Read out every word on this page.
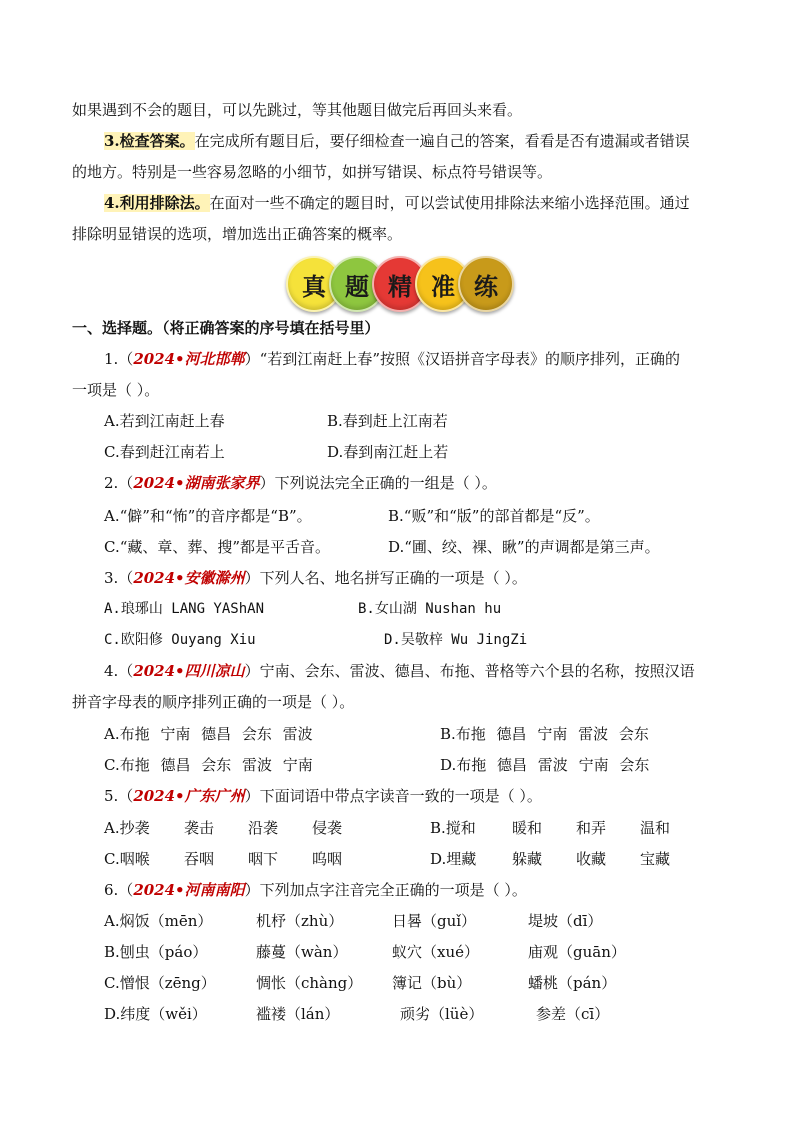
如果遇到不会的题目，可以先跳过，等其他题目做完后再回头来看。
3.检查答案。在完成所有题目后，要仔细检查一遍自己的答案，看看是否有遗漏或者错误
的地方。特别是一些容易忽略的小细节，如拼写错误、标点符号错误等。
4.利用排除法。在面对一些不确定的题目时，可以尝试使用排除法来缩小选择范围。通过
排除明显错误的选项，增加选出正确答案的概率。
真 题 精 准 练
一、选择题。（将正确答案的序号填在括号里）
1.（2024•河北邯郸）“若到江南赶上春”按照《汉语拼音字母表》的顺序排列，正确的
一项是（ ）。
A.若到江南赶上春	B.春到赶上江南若
C.春到赶江南若上	D.春到南江赶上若
2.（2024•湖南张家界）下列说法完全正确的一组是（ ）。
A.“僻”和“怖”的音序都是“B”。	B.“贩”和“版”的部首都是“反”。
C.“藏、章、葬、搜”都是平舌音。	D.“圃、绞、裸、瞅”的声调都是第三声。
3.（2024•安徽滁州）下列人名、地名拼写正确的一项是（ ）。
A.琅琊山 LANG YAShAN	B.女山湖 Nushan hu
C.欧阳修 Ouyang Xiu	D.吴敬梓 Wu JingZi
4.（2024•四川凉山）宁南、会东、雷波、德昌、布拖、普格等六个县的名称，按照汉语
拼音字母表的顺序排列正确的一项是（ ）。
A.布拖 宁南 德昌 会东 雷波	B.布拖 德昌 宁南 雷波 会东
C.布拖 德昌 会东 雷波 宁南	D.布拖 德昌 雷波 宁南 会东
5.（2024•广东广州）下面词语中带点字读音一致的一项是（ ）。
A.抄袭 袭击 沿袭 侵袭	B.搅和 暖和 和弄 温和
C.咽喉 吞咽 咽下 呜咽	D.埋藏 躲藏 收藏 宝藏
6.（2024•河南南阳）下列加点字注音完全正确的一项是（ ）。
A.焖饭（mēn）	机杼（zhù）	日晷（guǐ）	堤坡（dī）
B.刨虫（páo）	藤蔓（wàn）	蚁穴（xué）	庙观（guān）
C.憎恨（zēng）	惆怅（chàng） 簿记（bù）	蟠桃（pán）
D.纬度（wěi）	褴褛（lán）	顽劣（lüè）	参差（cī）
